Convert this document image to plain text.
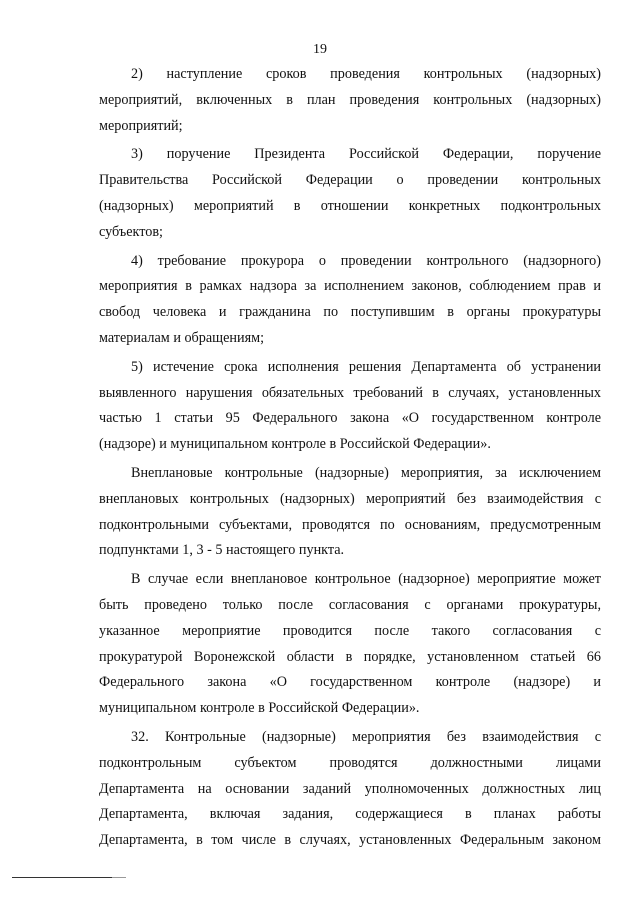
19
2) наступление сроков проведения контрольных (надзорных)
мероприятий, включенных в план проведения контрольных (надзорных)
мероприятий;
3) поручение Президента Российской Федерации, поручение
Правительства Российской Федерации о проведении контрольных
(надзорных) мероприятий в отношении конкретных подконтрольных
субъектов;
4) требование прокурора о проведении контрольного (надзорного)
мероприятия в рамках надзора за исполнением законов, соблюдением прав и
свобод человека и гражданина по поступившим в органы прокуратуры
материалам и обращениям;
5) истечение срока исполнения решения Департамента об устранении
выявленного нарушения обязательных требований в случаях, установленных
частью 1 статьи 95 Федерального закона «О государственном контроле
(надзоре) и муниципальном контроле в Российской Федерации».
Внеплановые контрольные (надзорные) мероприятия, за исключением
внеплановых контрольных (надзорных) мероприятий без взаимодействия с
подконтрольными субъектами, проводятся по основаниям, предусмотренным
подпунктами 1, 3 - 5 настоящего пункта.
В случае если внеплановое контрольное (надзорное) мероприятие может
быть проведено только после согласования с органами прокуратуры,
указанное мероприятие проводится после такого согласования с
прокуратурой Воронежской области в порядке, установленном статьей 66
Федерального закона «О государственном контроле (надзоре) и
муниципальном контроле в Российской Федерации».
32. Контрольные (надзорные) мероприятия без взаимодействия с
подконтрольным субъектом проводятся должностными лицами
Департамента на основании заданий уполномоченных должностных лиц
Департамента, включая задания, содержащиеся в планах работы
Департамента, в том числе в случаях, установленных Федеральным законом
